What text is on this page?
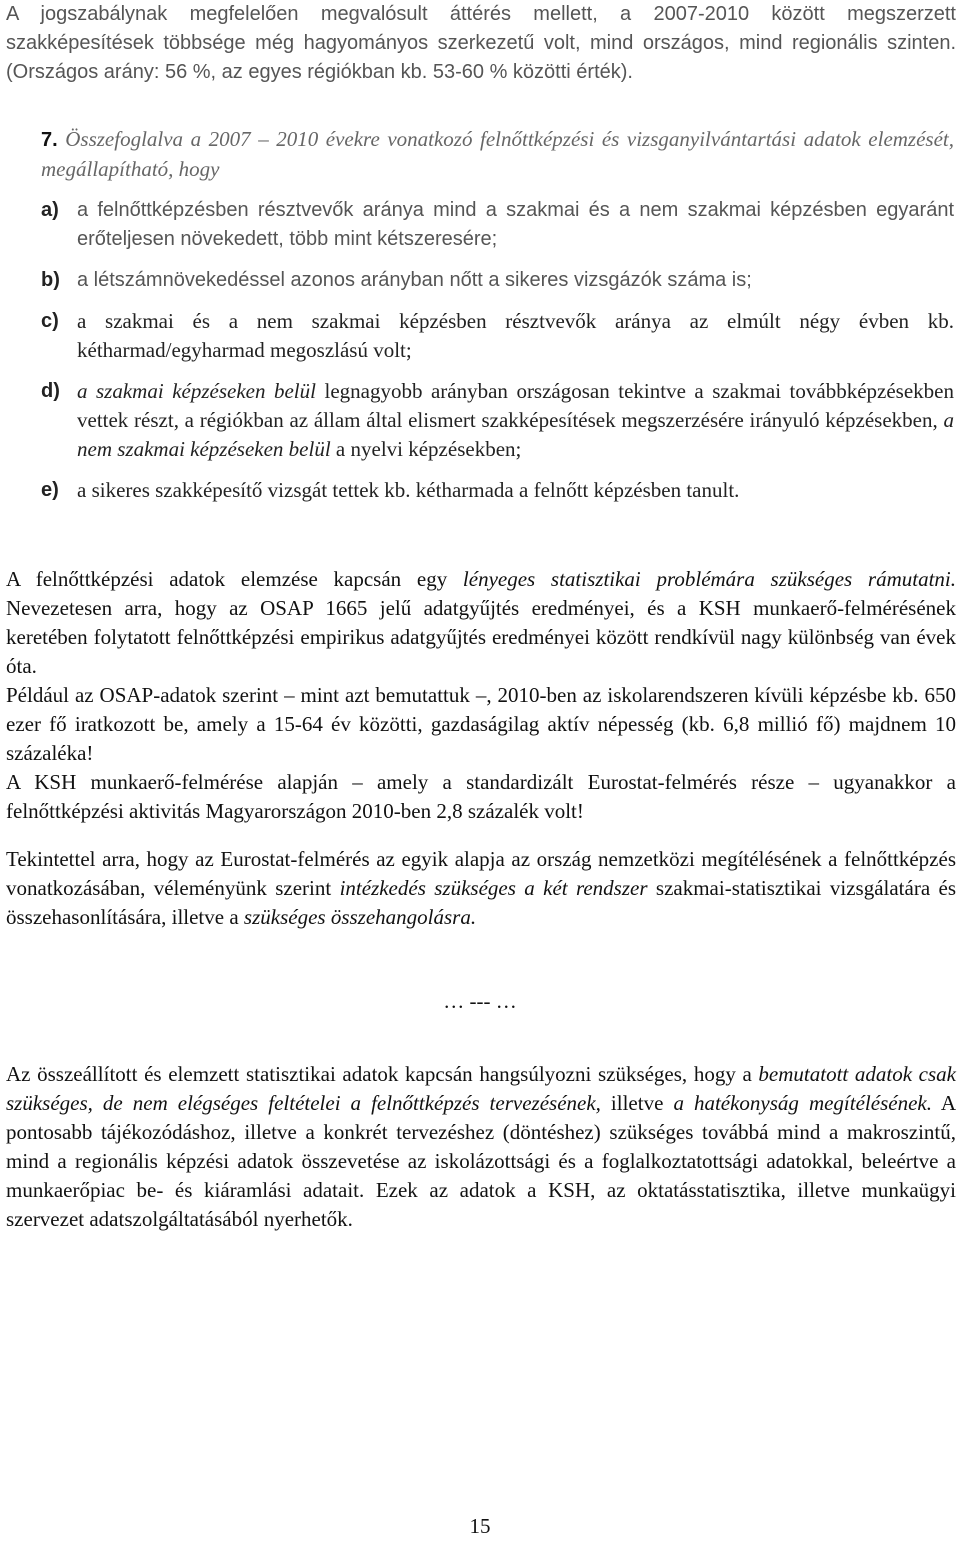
A jogszabálynak megfelelően megvalósult áttérés mellett, a 2007-2010 között megszerzett szakképesítések többsége még hagyományos szerkezetű volt, mind országos, mind regionális szinten. (Országos arány: 56 %, az egyes régiókban kb. 53-60 % közötti érték).

7. Összefoglalva a 2007 – 2010 évekre vonatkozó felnőttképzési és vizsganyilvántartási adatok elemzését, megállapítható, hogy

a) a felnőttképzésben résztvevők aránya mind a szakmai és a nem szakmai képzésben egyaránt erőteljesen növekedett, több mint kétszeresére;
b) a létszámnövekedéssel azonos arányban nőtt a sikeres vizsgázók száma is;
c) a szakmai és a nem szakmai képzésben résztvevők aránya az elmúlt négy évben kb. kétharmad/egyharmad megoszlású volt;
d) a szakmai képzéseken belül legnagyobb arányban országosan tekintve a szakmai továbbképzésekben vettek részt, a régiókban az állam által elismert szakképesítések megszerzésére irányuló képzésekben, a nem szakmai képzéseken belül a nyelvi képzésekben;
e) a sikeres szakképesítő vizsgát tettek kb. kétharmada a felnőtt képzésben tanult.

A felnőttképzési adatok elemzése kapcsán egy lényeges statisztikai problémára szükséges rámutatni. Nevezetesen arra, hogy az OSAP 1665 jelű adatgyűjtés eredményei, és a KSH munkaerő-felmérésének keretében folytatott felnőttképzési empirikus adatgyűjtés eredményei között rendkívül nagy különbség van évek óta.

Például az OSAP-adatok szerint – mint azt bemutattuk –, 2010-ben az iskolarendszeren kívüli képzésbe kb. 650 ezer fő iratkozott be, amely a 15-64 év közötti, gazdaságilag aktív népesség (kb. 6,8 millió fő) majdnem 10 százaléka!

A KSH munkaerő-felmérése alapján – amely a standardizált Eurostat-felmérés része – ugyanakkor a felnőttképzési aktivitás Magyarországon 2010-ben 2,8 százalék volt!

Tekintettel arra, hogy az Eurostat-felmérés az egyik alapja az ország nemzetközi megítélésének a felnőttképzés vonatkozásában, véleményünk szerint intézkedés szükséges a két rendszer szakmai-statisztikai vizsgálatára és összehasonlítására, illetve a szükséges összehangolásra.

… --- …

Az összeállított és elemzett statisztikai adatok kapcsán hangsúlyozni szükséges, hogy a bemutatott adatok csak szükséges, de nem elégséges feltételei a felnőttképzés tervezésének, illetve a hatékonyság megítélésének. A pontosabb tájékozódáshoz, illetve a konkrét tervezéshez (döntéshez) szükséges továbbá mind a makroszintű, mind a regionális képzési adatok összevetése az iskolázottsági és a foglalkoztatottsági adatokkal, beleértve a munkaerőpiac be- és kiáramlási adatait. Ezek az adatok a KSH, az oktatásstatisztika, illetve munkaügyi szervezet adatszolgáltatásából nyerhetők.

15
